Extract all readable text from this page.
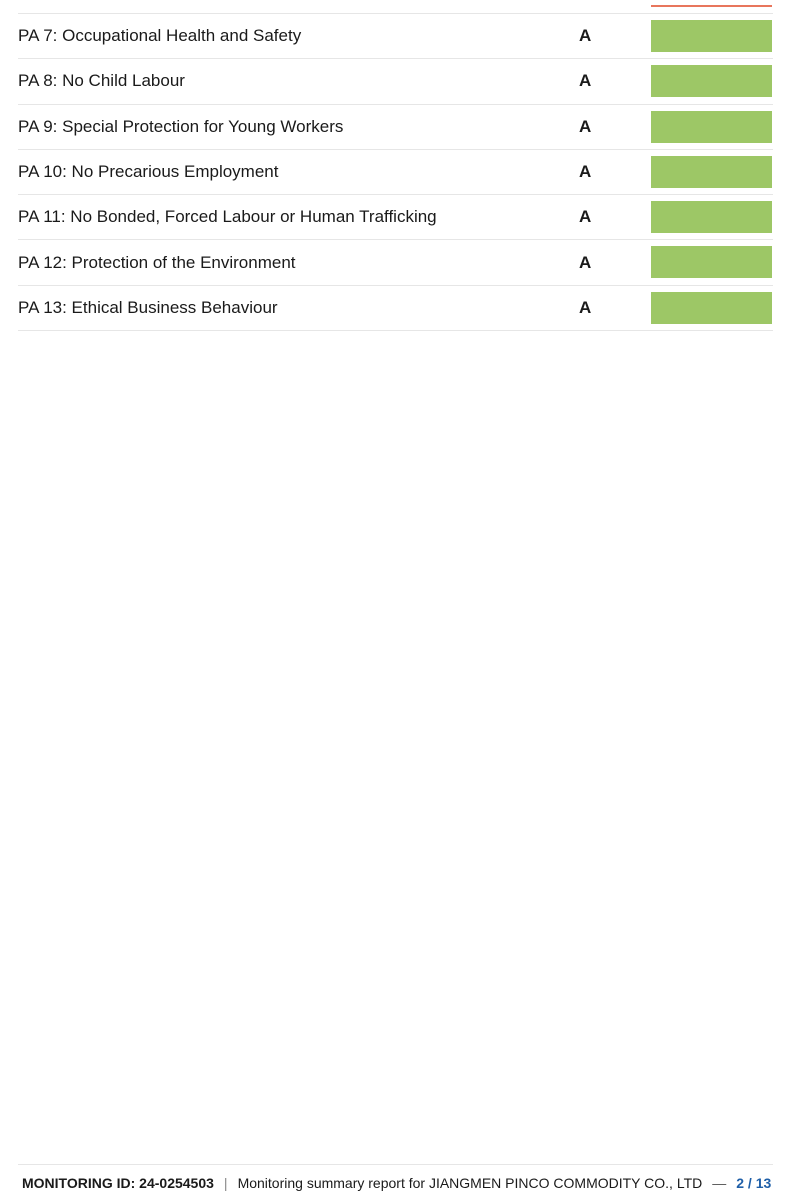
PA 7: Occupational Health and Safety	A
PA 8: No Child Labour	A
PA 9: Special Protection for Young Workers	A
PA 10: No Precarious Employment	A
PA 11: No Bonded, Forced Labour or Human Trafficking	A
PA 12: Protection of the Environment	A
PA 13: Ethical Business Behaviour	A
MONITORING ID: 24-0254503 | Monitoring summary report for JIANGMEN PINCO COMMODITY CO., LTD — 2 / 13
